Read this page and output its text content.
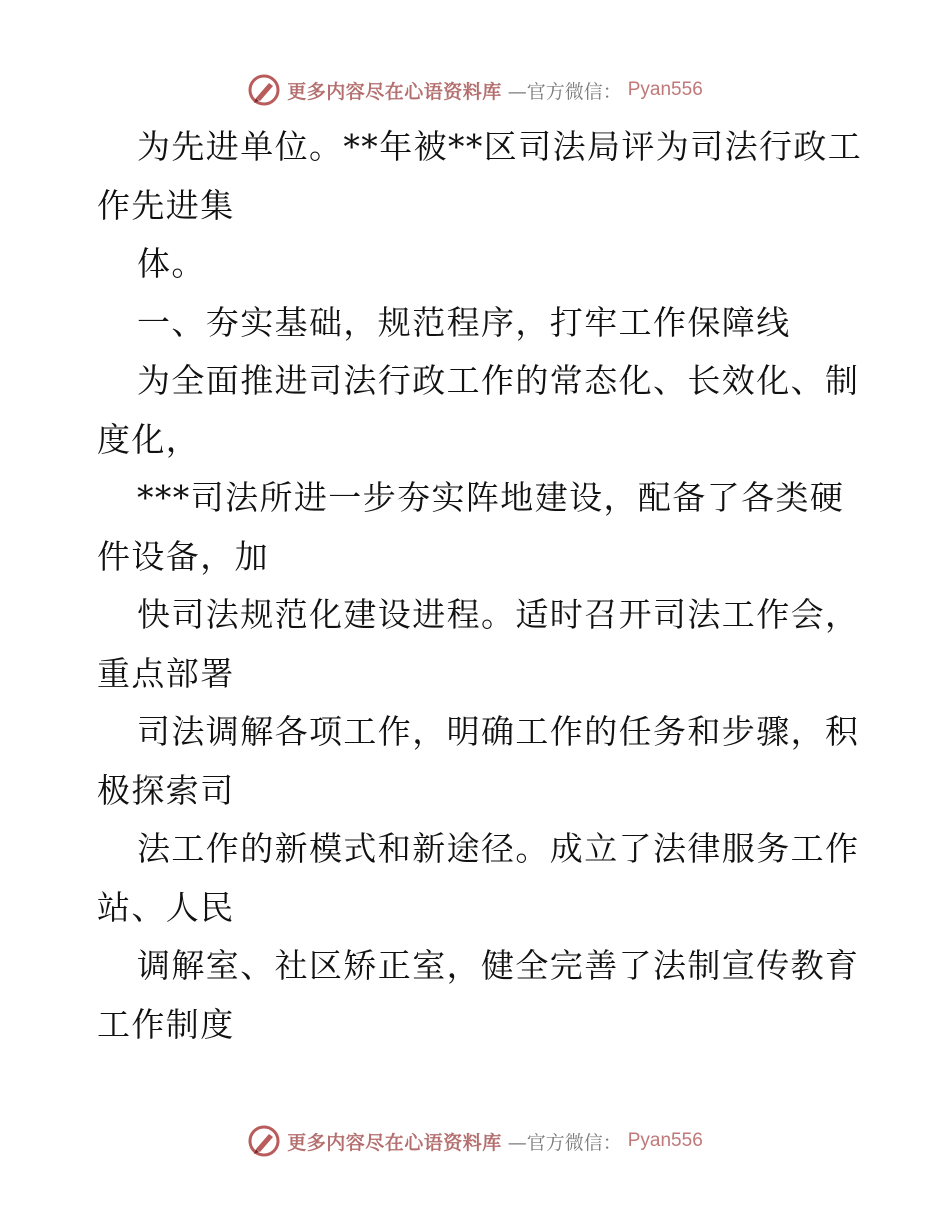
更多内容尽在心语资料库 —官方微信： Pyan556
为先进单位。**年被**区司法局评为司法行政工
作先进集
体。
一、夯实基础，规范程序，打牢工作保障线
为全面推进司法行政工作的常态化、长效化、制
度化，
***司法所进一步夯实阵地建设，配备了各类硬
件设备，加
快司法规范化建设进程。适时召开司法工作会，
重点部署
司法调解各项工作，明确工作的任务和步骤，积
极探索司
法工作的新模式和新途径。成立了法律服务工作
站、人民
调解室、社区矫正室，健全完善了法制宣传教育
工作制度
更多内容尽在心语资料库 —官方微信： Pyan556
